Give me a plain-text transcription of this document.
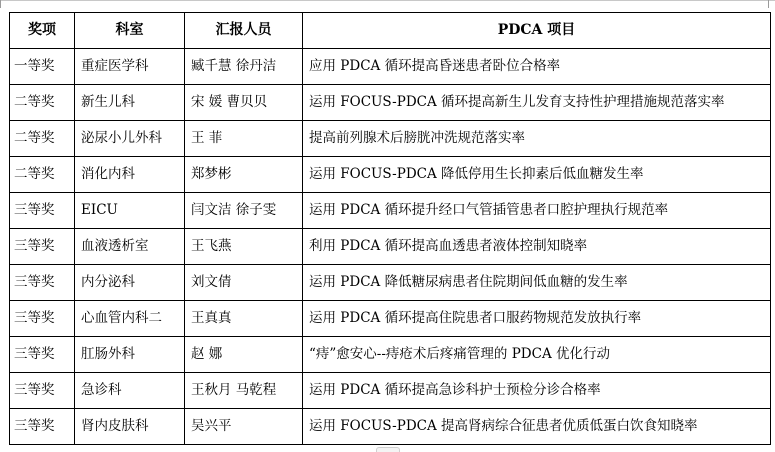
奖项	科室	汇报人员	PDCA 项目
一等奖	重症医学科	臧千慧 徐丹洁	应用 PDCA 循环提高昏迷患者卧位合格率
二等奖	新生儿科	宋 媛 曹贝贝	运用 FOCUS-PDCA 循环提高新生儿发育支持性护理措施规范落实率
二等奖	泌尿小儿外科	王 菲	提高前列腺术后膀胱冲洗规范落实率
二等奖	消化内科	郑梦彬	运用 FOCUS-PDCA 降低停用生长抑素后低血糖发生率
三等奖	EICU	闫文洁 徐子雯	运用 PDCA 循环提升经口气管插管患者口腔护理执行规范率
三等奖	血液透析室	王飞燕	利用 PDCA 循环提高血透患者液体控制知晓率
三等奖	内分泌科	刘文倩	运用 PDCA 降低糖尿病患者住院期间低血糖的发生率
三等奖	心血管内科二	王真真	运用 PDCA 循环提高住院患者口服药物规范发放执行率
三等奖	肛肠外科	赵 娜	“痔”愈安心--痔疮术后疼痛管理的 PDCA 优化行动
三等奖	急诊科	王秋月 马乾程	运用 PDCA 循环提高急诊科护士预检分诊合格率
三等奖	肾内皮肤科	吴兴平	运用 FOCUS-PDCA 提高肾病综合征患者优质低蛋白饮食知晓率
